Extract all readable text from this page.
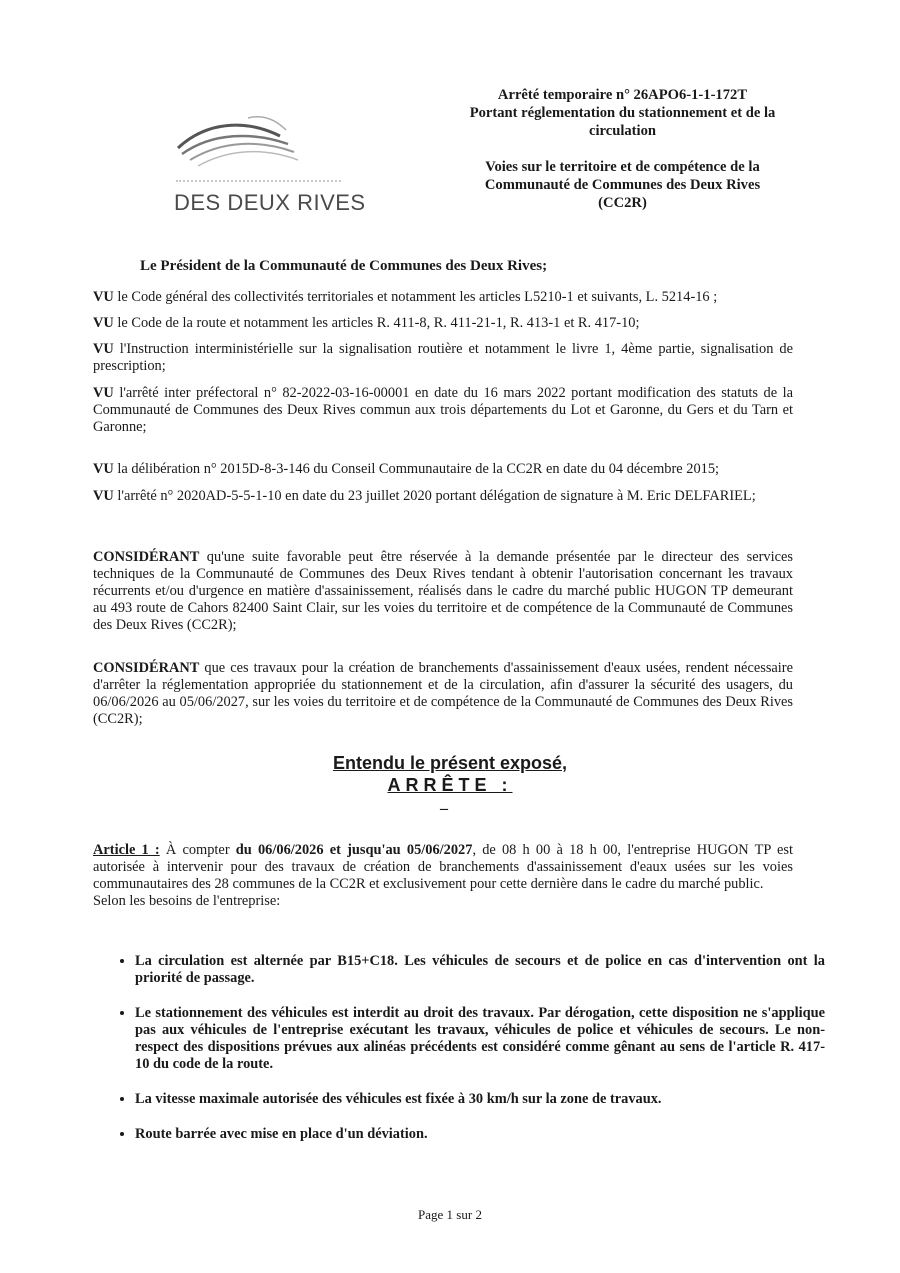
DES DEUX RIVES

Arrêté temporaire n° 26APO6-1-1-172T

Portant réglementation du stationnement et de la

circulation

Voies sur le territoire et de compétence de la

Communauté de Communes des Deux Rives

(CC2R)

Le Président de la Communauté de Communes des Deux Rives;

VU le Code général des collectivités territoriales et notamment les articles L5210-1 et suivants, L. 5214-16 ;

VU le Code de la route et notamment les articles R. 411-8, R. 411-21-1, R. 413-1 et R. 417-10;

VU l'Instruction interministérielle sur la signalisation routière et notamment le livre 1, 4ème partie, signalisation de prescription;

VU l'arrêté inter préfectoral n° 82-2022-03-16-00001 en date du 16 mars 2022 portant modification des statuts de la Communauté de Communes des Deux Rives commun aux trois départements du Lot et Garonne, du Gers et du Tarn et Garonne;

VU la délibération n° 2015D-8-3-146 du Conseil Communautaire de la CC2R en date du 04 décembre 2015;

VU l'arrêté n° 2020AD-5-5-1-10 en date du 23 juillet 2020 portant délégation de signature à M. Eric DELFARIEL;

CONSIDÉRANT qu'une suite favorable peut être réservée à la demande présentée par le directeur des services techniques de la Communauté de Communes des Deux Rives tendant à obtenir l'autorisation concernant les travaux récurrents et/ou d'urgence en matière d'assainissement, réalisés dans le cadre du marché public HUGON TP demeurant au 493 route de Cahors 82400 Saint Clair, sur les voies du territoire et de compétence de la Communauté de Communes des Deux Rives (CC2R);

CONSIDÉRANT que ces travaux pour la création de branchements d'assainissement d'eaux usées, rendent nécessaire d'arrêter la réglementation appropriée du stationnement et de la circulation, afin d'assurer la sécurité des usagers, du 06/06/2026 au 05/06/2027, sur les voies du territoire et de compétence de la Communauté de Communes des Deux Rives (CC2R);

Entendu le présent exposé,
ARRÊTE :
–

Article 1 : À compter du 06/06/2026 et jusqu'au 05/06/2027, de 08 h 00 à 18 h 00, l'entreprise HUGON TP est autorisée à intervenir pour des travaux de création de branchements d'assainissement d'eaux usées sur les voies communautaires des 28 communes de la CC2R et exclusivement pour cette dernière dans le cadre du marché public.

Selon les besoins de l'entreprise:

• La circulation est alternée par B15+C18. Les véhicules de secours et de police en cas d'intervention ont la priorité de passage.
• Le stationnement des véhicules est interdit au droit des travaux. Par dérogation, cette disposition ne s'applique pas aux véhicules de l'entreprise exécutant les travaux, véhicules de police et véhicules de secours. Le non-respect des dispositions prévues aux alinéas précédents est considéré comme gênant au sens de l'article R. 417-10 du code de la route.
• La vitesse maximale autorisée des véhicules est fixée à 30 km/h sur la zone de travaux.
• Route barrée avec mise en place d'un déviation.
Page 1 sur 2
